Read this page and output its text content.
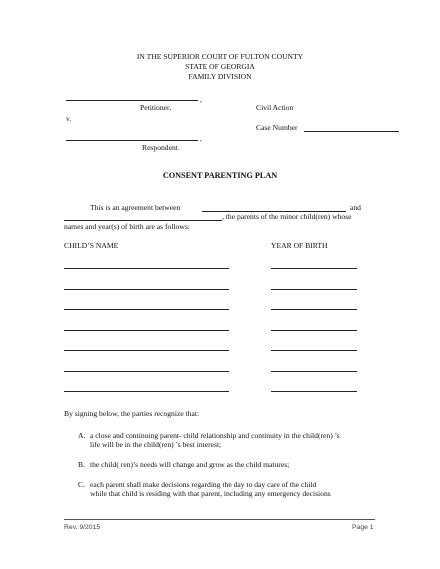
IN THE SUPERIOR COURT OF FULTON COUNTY
STATE OF GEORGIA
FAMILY DIVISION
,
Petitioner,
v.
,
Respondent.
Civil Action
Case Number
CONSENT PARENTING PLAN
This is an agreement between	and
, the parents of the minor child(ren) whose
names and year(s) of birth are as follows:
CHILD’S NAME	YEAR OF BIRTH
By signing below, the parties recognize that:
A. a close and continuing parent- child relationship and continuity in the child(ren) ’s
life will be in the child(ren) ’s best interest;
B. the child( ren)’s needs will change and grow as the child matures;
C. each parent shall make decisions regarding the day to day care of the child
while that child is residing with that parent, including any emergency decisions
Rev. 9/2015	Page 1
